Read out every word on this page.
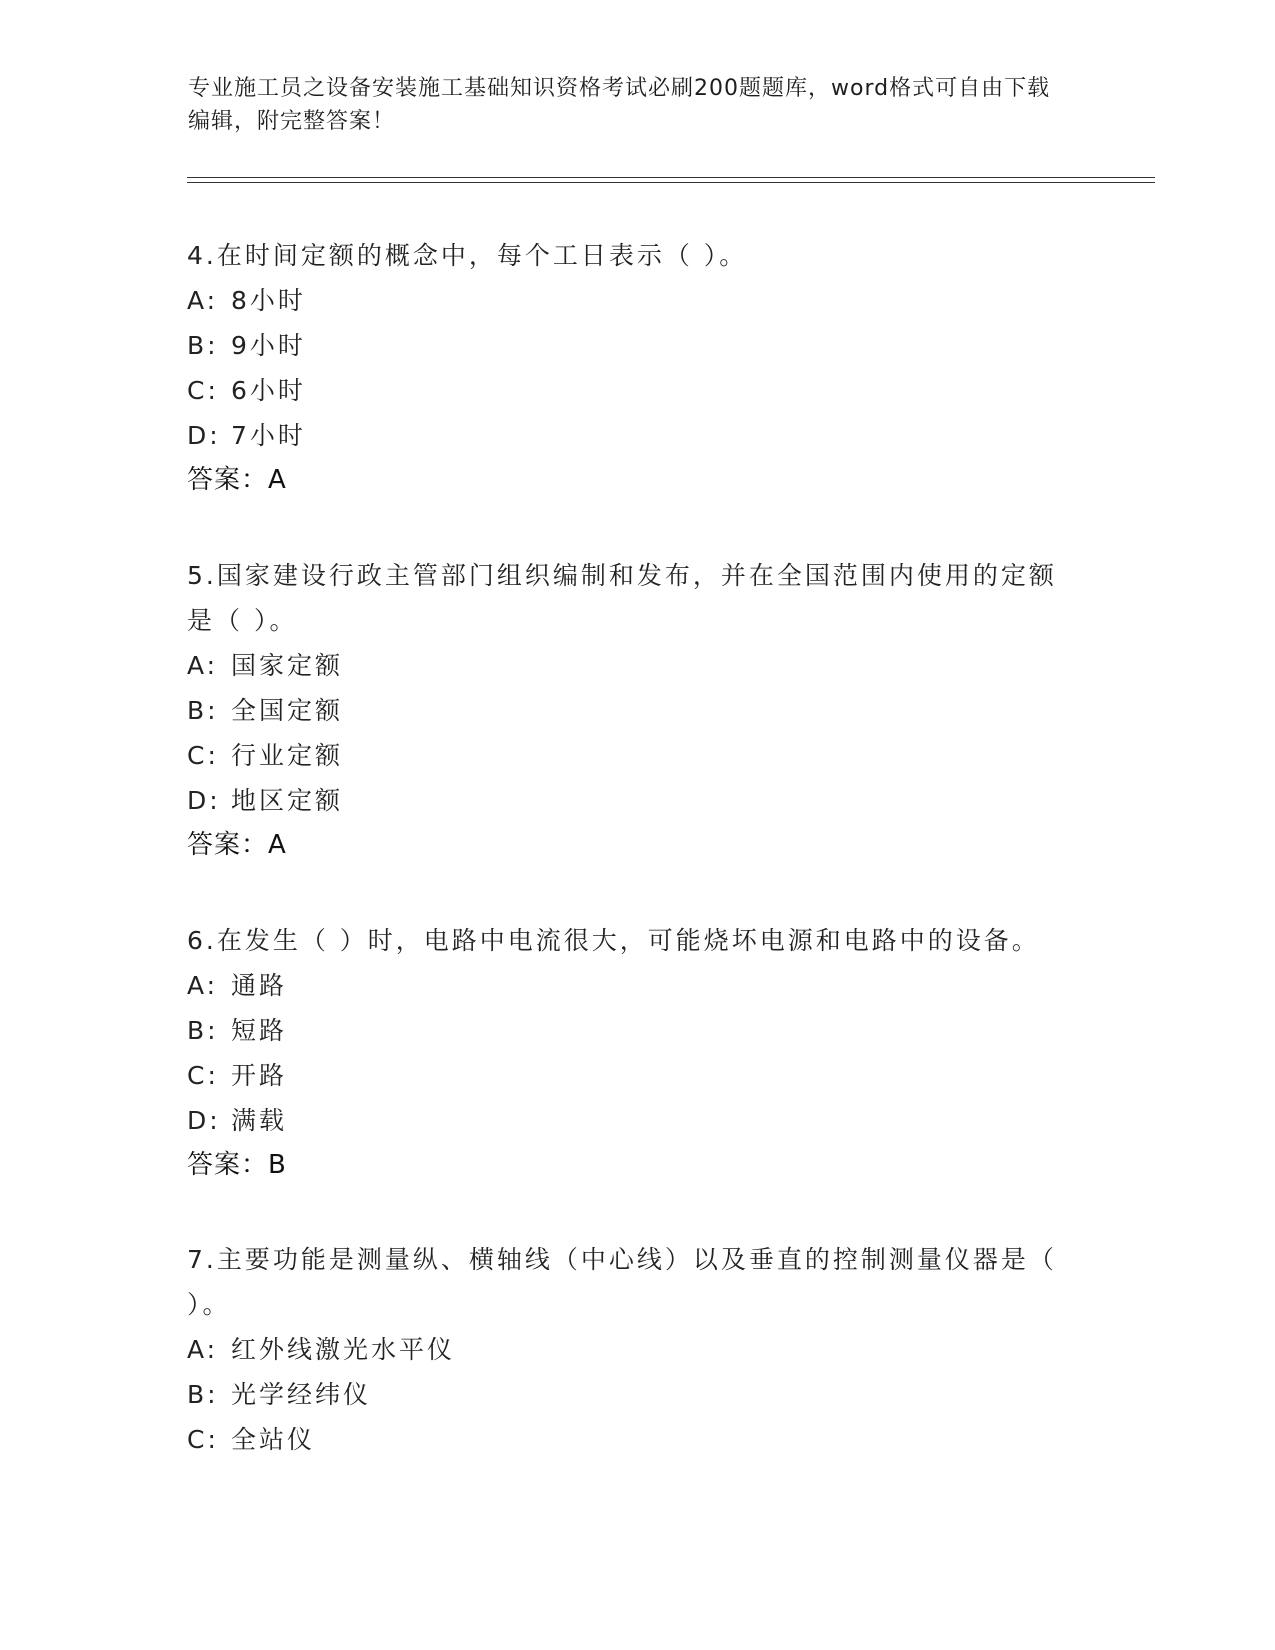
专业施工员之设备安装施工基础知识资格考试必刷200题题库，word格式可自由下载编辑，附完整答案！

4.在时间定额的概念中，每个工日表示（ ）。

A: 8小时

B: 9小时

C: 6小时

D: 7小时

答案：A

5.国家建设行政主管部门组织编制和发布，并在全国范围内使用的定额是（ ）。

A: 国家定额

B: 全国定额

C: 行业定额

D: 地区定额

答案：A

6.在发生（ ）时，电路中电流很大，可能烧坏电源和电路中的设备。

A: 通路

B: 短路

C: 开路

D: 满载

答案：B

7.主要功能是测量纵、横轴线（中心线）以及垂直的控制测量仪器是（ ）。

A: 红外线激光水平仪

B: 光学经纬仪

C: 全站仪
